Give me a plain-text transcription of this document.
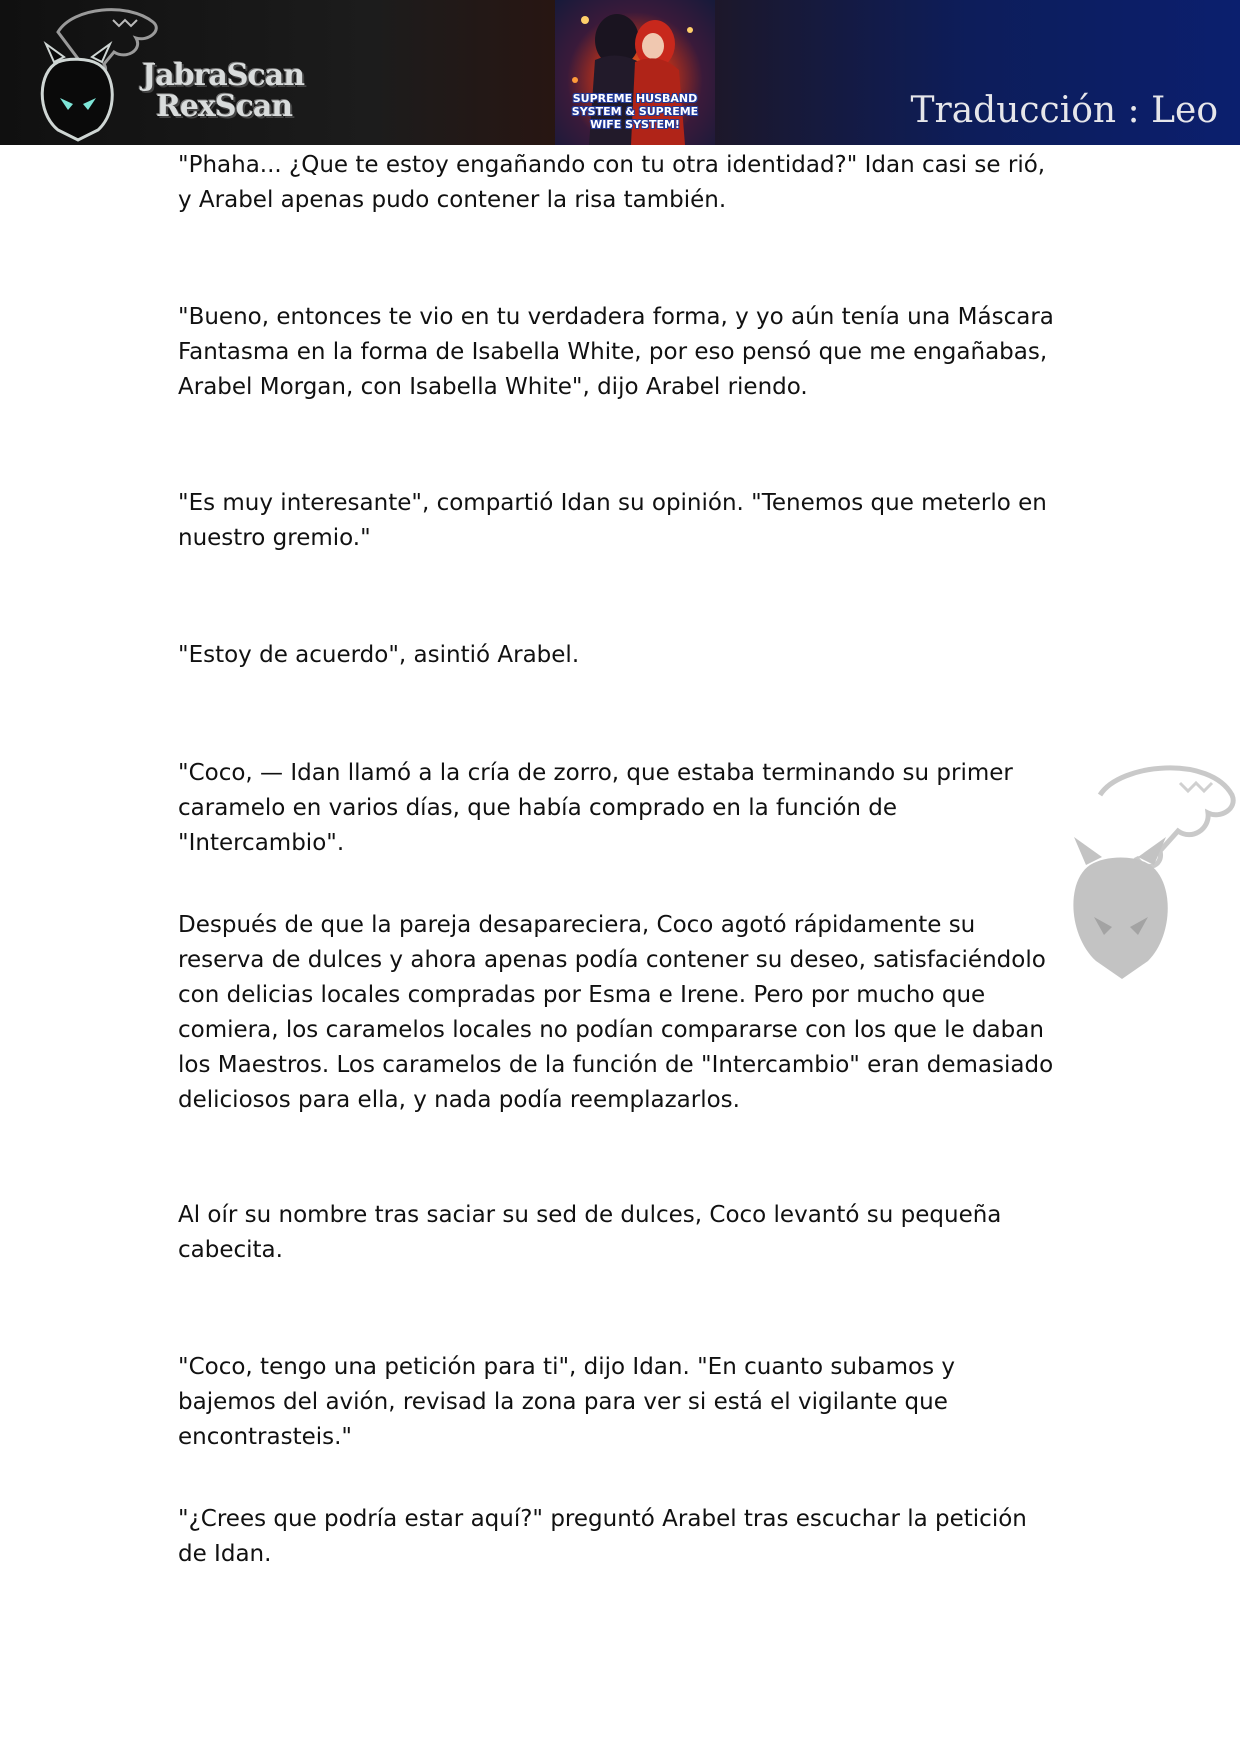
JabraScan
RexScan	SUPREME HUSBAND
SYSTEM & SUPREME
WIFE SYSTEM!	Traducción : Leo

"Phaha... ¿Que te estoy engañando con tu otra identidad?" Idan casi se rió, y Arabel apenas pudo contener la risa también.

"Bueno, entonces te vio en tu verdadera forma, y yo aún tenía una Máscara Fantasma en la forma de Isabella White, por eso pensó que me engañabas, Arabel Morgan, con Isabella White", dijo Arabel riendo.

"Es muy interesante", compartió Idan su opinión. "Tenemos que meterlo en nuestro gremio."

"Estoy de acuerdo", asintió Arabel.

"Coco, — Idan llamó a la cría de zorro, que estaba terminando su primer caramelo en varios días, que había comprado en la función de "Intercambio".

Después de que la pareja desapareciera, Coco agotó rápidamente su reserva de dulces y ahora apenas podía contener su deseo, satisfaciéndolo con delicias locales compradas por Esma e Irene. Pero por mucho que comiera, los caramelos locales no podían compararse con los que le daban los Maestros. Los caramelos de la función de "Intercambio" eran demasiado deliciosos para ella, y nada podía reemplazarlos.

Al oír su nombre tras saciar su sed de dulces, Coco levantó su pequeña cabecita.

"Coco, tengo una petición para ti", dijo Idan. "En cuanto subamos y bajemos del avión, revisad la zona para ver si está el vigilante que encontrasteis."

"¿Crees que podría estar aquí?" preguntó Arabel tras escuchar la petición de Idan.
